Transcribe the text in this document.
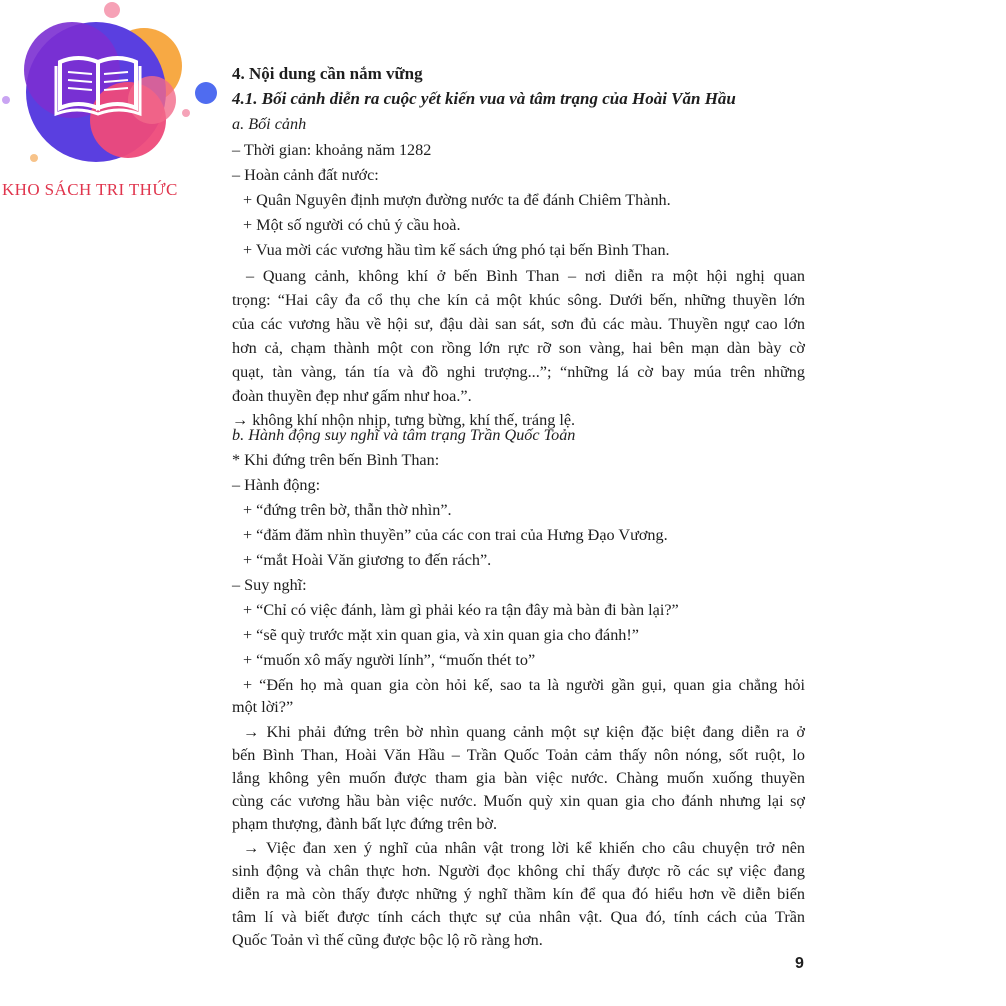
KHO SÁCH TRI THỨC
4. Nội dung cần nắm vững
4.1. Bối cảnh diễn ra cuộc yết kiến vua và tâm trạng của Hoài Văn Hầu
a. Bối cảnh
– Thời gian: khoảng năm 1282
– Hoàn cảnh đất nước:
+ Quân Nguyên định mượn đường nước ta để đánh Chiêm Thành.
+ Một số người có chủ ý cầu hoà.
+ Vua mời các vương hầu tìm kế sách ứng phó tại bến Bình Than.
– Quang cảnh, không khí ở bến Bình Than – nơi diễn ra một hội nghị quan
trọng: “Hai cây đa cổ thụ che kín cả một khúc sông. Dưới bến, những thuyền lớn
của các vương hầu về hội sư, đậu dài san sát, sơn đủ các màu. Thuyền ngự cao lớn
hơn cả, chạm thành một con rồng lớn rực rỡ son vàng, hai bên mạn dàn bày cờ
quạt, tàn vàng, tán tía và đồ nghi trượng...”; “những lá cờ bay múa trên những
đoàn thuyền đẹp như gấm như hoa.”.
→ không khí nhộn nhịp, tưng bừng, khí thế, tráng lệ.
b. Hành động suy nghĩ và tâm trạng Trần Quốc Toản
* Khi đứng trên bến Bình Than:
– Hành động:
+ “đứng trên bờ, thẫn thờ nhìn”.
+ “đăm đăm nhìn thuyền” của các con trai của Hưng Đạo Vương.
+ “mắt Hoài Văn giương to đến rách”.
– Suy nghĩ:
+ “Chỉ có việc đánh, làm gì phải kéo ra tận đây mà bàn đi bàn lại?”
+ “sẽ quỳ trước mặt xin quan gia, và xin quan gia cho đánh!”
+ “muốn xô mấy người lính”, “muốn thét to”
+ “Đến họ mà quan gia còn hỏi kế, sao ta là người gần gụi, quan gia chẳng hỏi
một lời?”
→ Khi phải đứng trên bờ nhìn quang cảnh một sự kiện đặc biệt đang diễn ra ở
bến Bình Than, Hoài Văn Hầu – Trần Quốc Toản cảm thấy nôn nóng, sốt ruột, lo
lắng không yên muốn được tham gia bàn việc nước. Chàng muốn xuống thuyền
cùng các vương hầu bàn việc nước. Muốn quỳ xin quan gia cho đánh nhưng lại sợ
phạm thượng, đành bất lực đứng trên bờ.
→ Việc đan xen ý nghĩ của nhân vật trong lời kể khiến cho câu chuyện trở nên
sinh động và chân thực hơn. Người đọc không chỉ thấy được rõ các sự việc đang
diễn ra mà còn thấy được những ý nghĩ thầm kín để qua đó hiểu hơn về diễn biến
tâm lí và biết được tính cách thực sự của nhân vật. Qua đó, tính cách của Trần
Quốc Toản vì thế cũng được bộc lộ rõ ràng hơn.
9
